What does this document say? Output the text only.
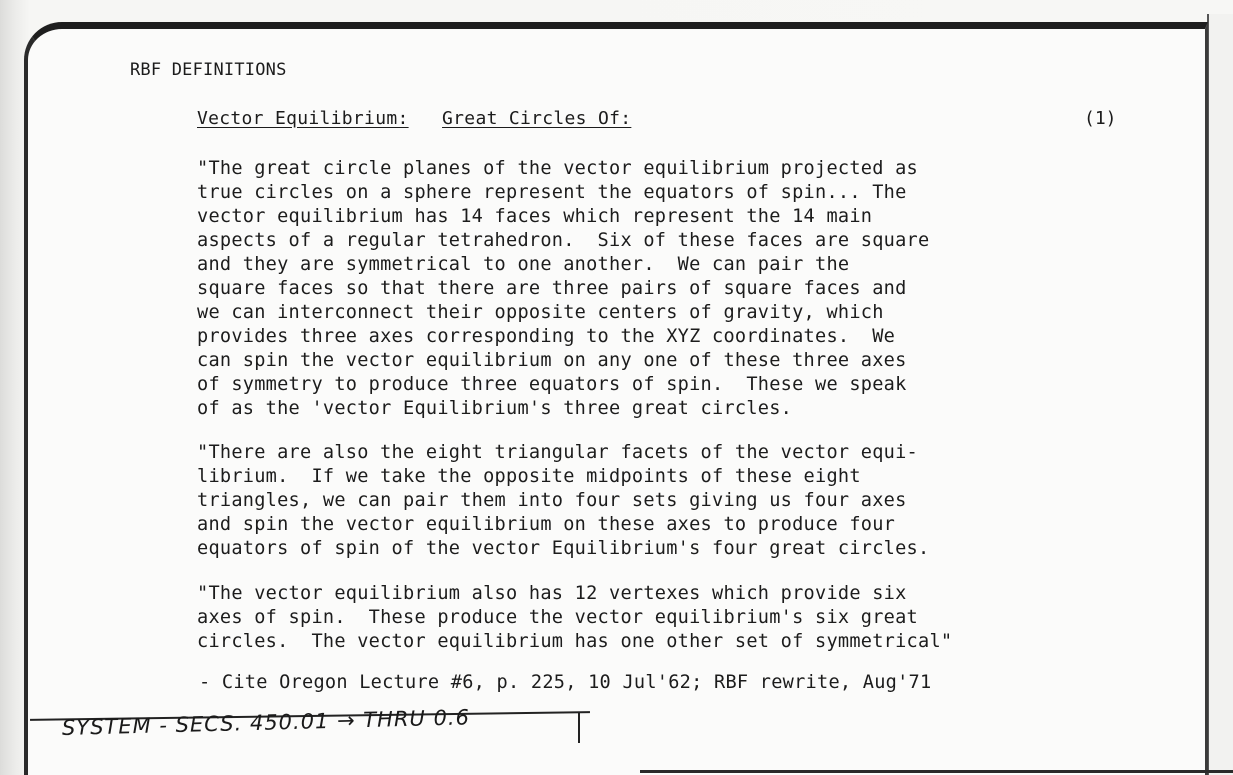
RBF DEFINITIONS
Vector Equilibrium: Great Circles Of:	(1)
"The great circle planes of the vector equilibrium projected as
true circles on a sphere represent the equators of spin... The
vector equilibrium has 14 faces which represent the 14 main
aspects of a regular tetrahedron.  Six of these faces are square
and they are symmetrical to one another.  We can pair the
square faces so that there are three pairs of square faces and
we can interconnect their opposite centers of gravity, which
provides three axes corresponding to the XYZ coordinates.  We
can spin the vector equilibrium on any one of these three axes
of symmetry to produce three equators of spin.  These we speak
of as the 'vector Equilibrium's three great circles.
"There are also the eight triangular facets of the vector equi-
librium.  If we take the opposite midpoints of these eight
triangles, we can pair them into four sets giving us four axes
and spin the vector equilibrium on these axes to produce four
equators of spin of the vector Equilibrium's four great circles.
"The vector equilibrium also has 12 vertexes which provide six
axes of spin.  These produce the vector equilibrium's six great
circles.  The vector equilibrium has one other set of symmetrical"
- Cite Oregon Lecture #6, p. 225, 10 Jul'62; RBF rewrite, Aug'71
SYSTEM - SECS. 450.01 → THRU 0.6
